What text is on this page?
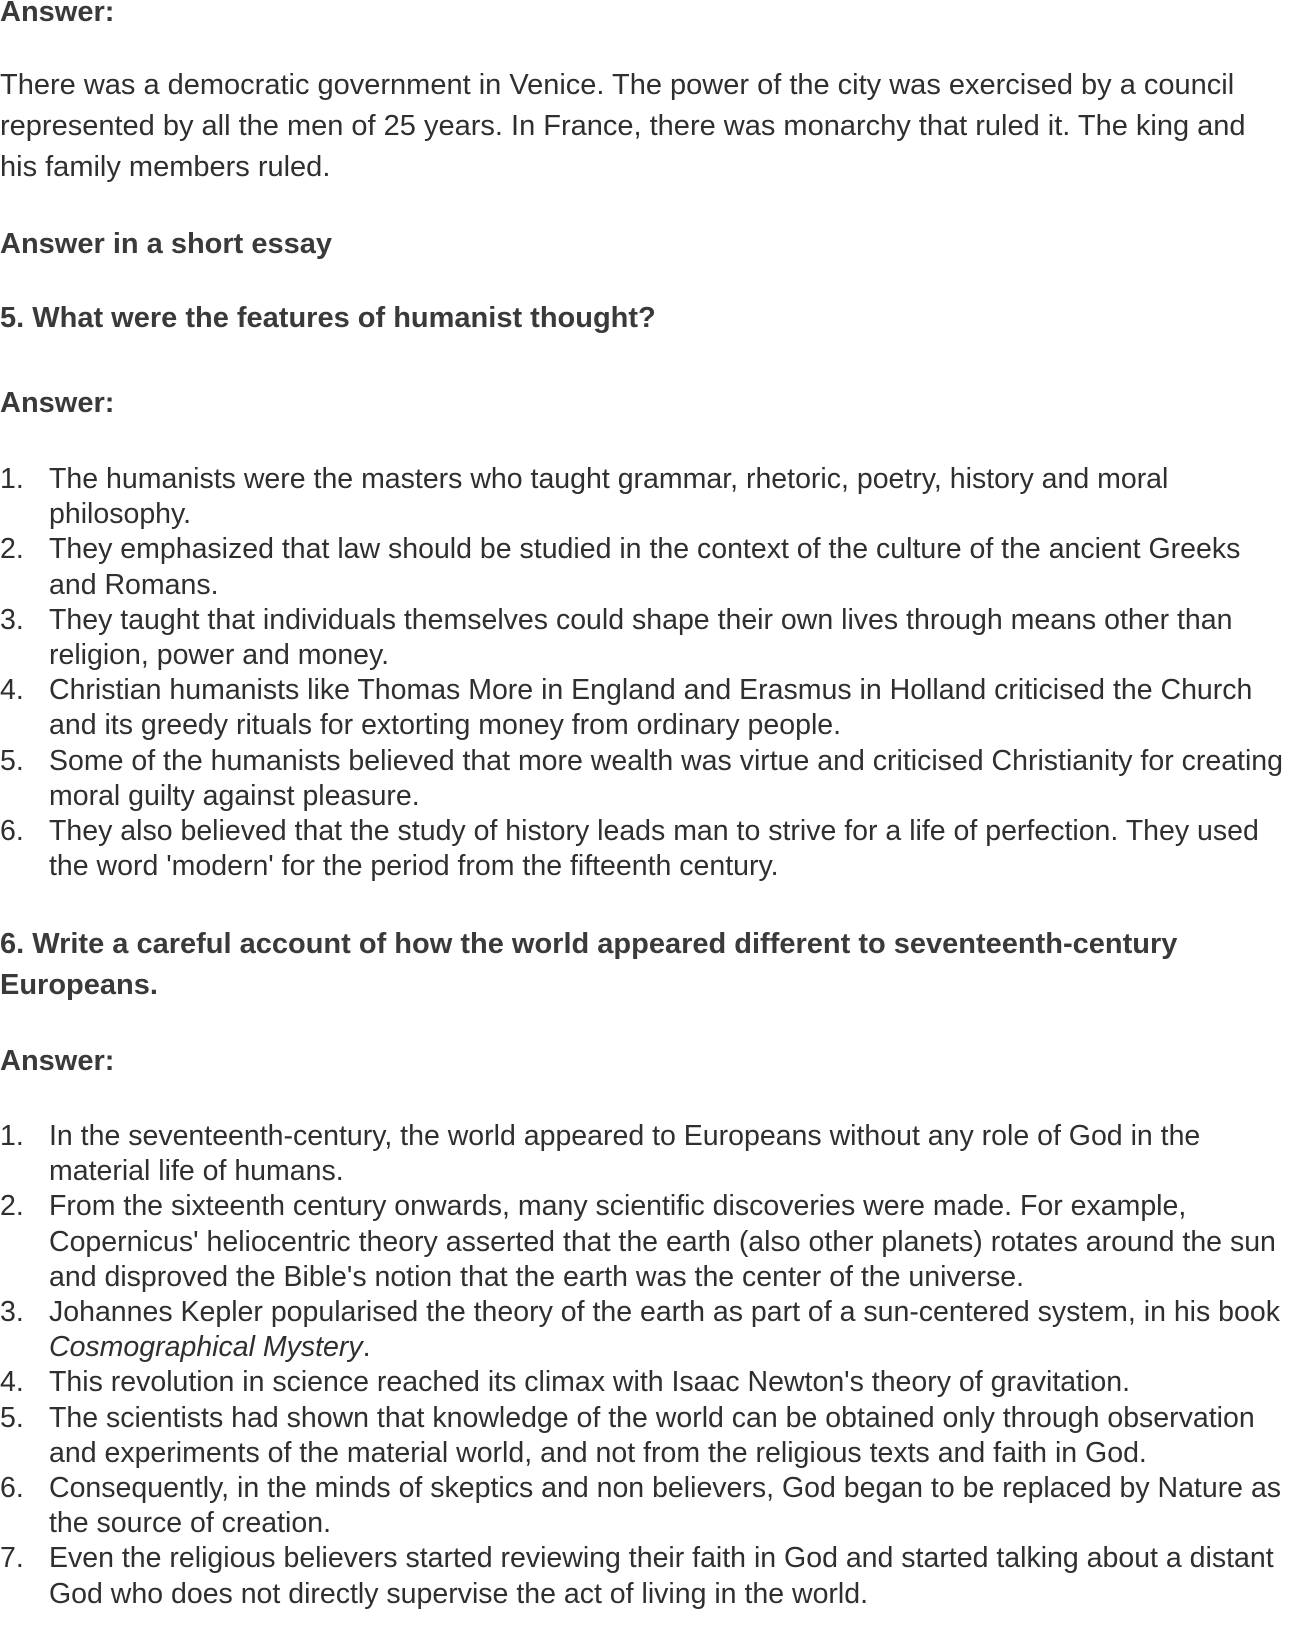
Answer:
There was a democratic government in Venice. The power of the city was exercised by a council represented by all the men of 25 years. In France, there was monarchy that ruled it. The king and his family members ruled.
Answer in a short essay
5. What were the features of humanist thought?
Answer:
1. The humanists were the masters who taught grammar, rhetoric, poetry, history and moral philosophy.
2. They emphasized that law should be studied in the context of the culture of the ancient Greeks and Romans.
3. They taught that individuals themselves could shape their own lives through means other than religion, power and money.
4. Christian humanists like Thomas More in England and Erasmus in Holland criticised the Church and its greedy rituals for extorting money from ordinary people.
5. Some of the humanists believed that more wealth was virtue and criticised Christianity for creating moral guilty against pleasure.
6. They also believed that the study of history leads man to strive for a life of perfection. They used the word 'modern' for the period from the fifteenth century.
6. Write a careful account of how the world appeared different to seventeenth-century Europeans.
Answer:
1. In the seventeenth-century, the world appeared to Europeans without any role of God in the material life of humans.
2. From the sixteenth century onwards, many scientific discoveries were made. For example, Copernicus' heliocentric theory asserted that the earth (also other planets) rotates around the sun and disproved the Bible's notion that the earth was the center of the universe.
3. Johannes Kepler popularised the theory of the earth as part of a sun-centered system, in his book Cosmographical Mystery.
4. This revolution in science reached its climax with Isaac Newton's theory of gravitation.
5. The scientists had shown that knowledge of the world can be obtained only through observation and experiments of the material world, and not from the religious texts and faith in God.
6. Consequently, in the minds of skeptics and non believers, God began to be replaced by Nature as the source of creation.
7. Even the religious believers started reviewing their faith in God and started talking about a distant God who does not directly supervise the act of living in the world.
